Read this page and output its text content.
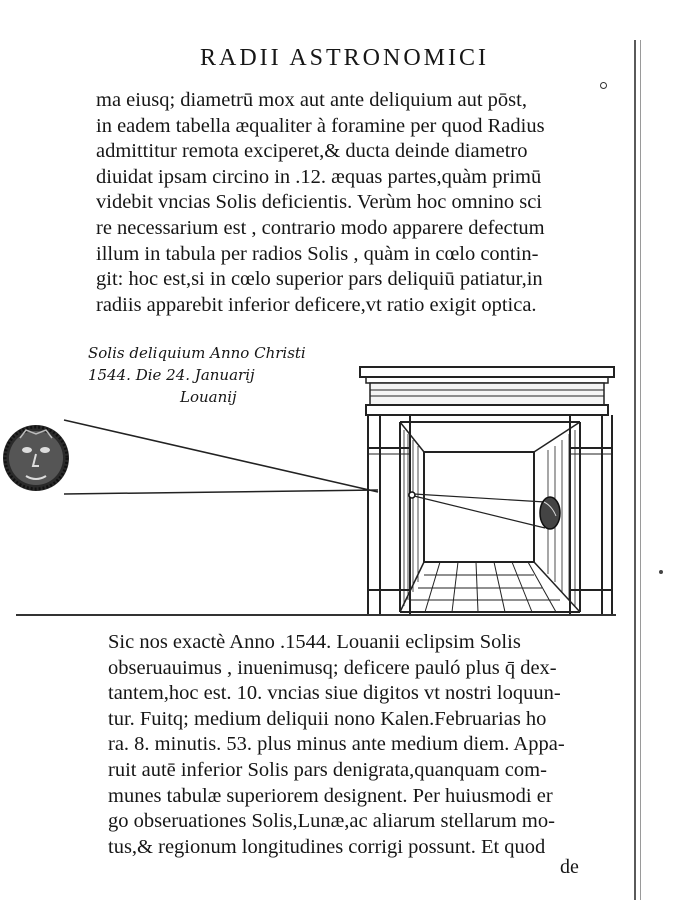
RADII ASTRONOMICI
ma eiusq; diametrū mox aut ante deliquium aut pōst,
in eadem tabella æqualiter à foramine per quod Radius
admittitur remota exciperet,& ducta deinde diametro
diuidat ipsam circino in .12. æquas partes,quàm primū
videbit vncias Solis deficientis. Verùm hoc omnino sci
re necessarium est , contrario modo apparere defectum
illum in tabula per radios Solis , quàm in cœlo contin-
git: hoc est,si in cœlo superior pars deliquiū patiatur,in
radiis apparebit inferior deficere,vt ratio exigit optica.
Solis deliquium Anno Christi
1544. Die 24. Januarij
Louanij
Sic nos exactè Anno .1544. Louanii eclipsim Solis
obseruauimus , inuenimusq; deficere pauló plus q̄ dex-
tantem,hoc est. 10. vncias siue digitos vt nostri loquun-
tur. Fuitq; medium deliquii nono Kalen.Februarias ho
ra. 8. minutis. 53. plus minus ante medium diem. Appa-
ruit autē inferior Solis pars denigrata,quanquam com-
munes tabulæ superiorem designent. Per huiusmodi er
go obseruationes Solis,Lunæ,ac aliarum stellarum mo-
tus,& regionum longitudines corrigi possunt. Et quod
de
